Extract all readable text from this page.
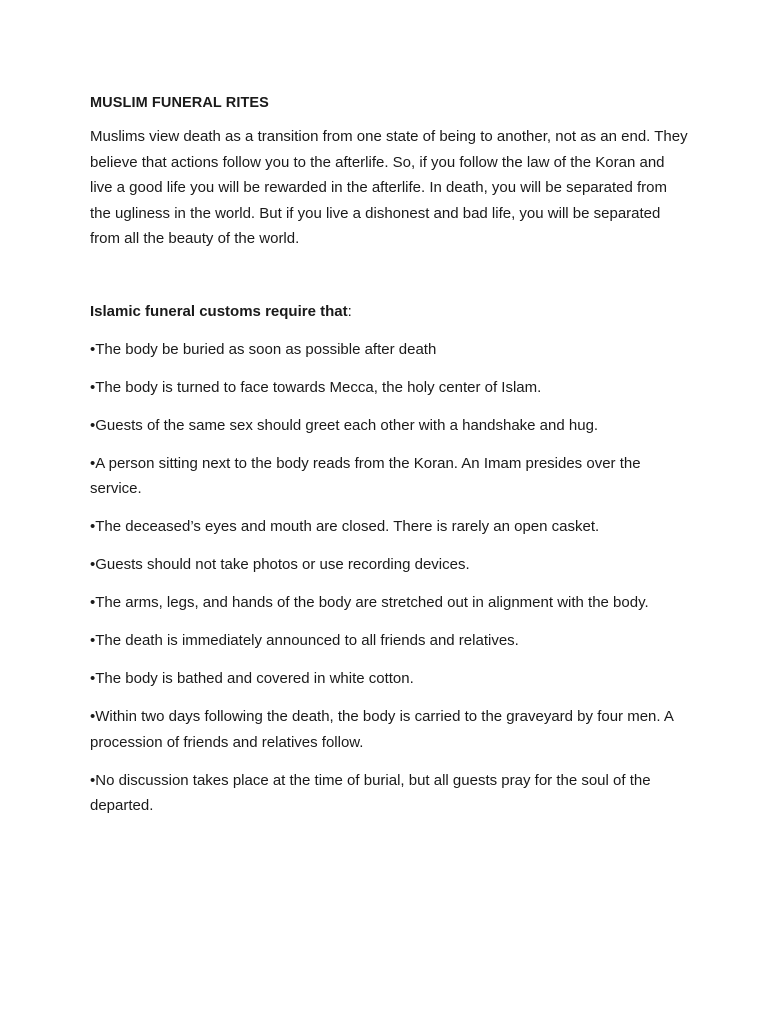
MUSLIM FUNERAL RITES

Muslims view death as a transition from one state of being to another, not as an end. They believe that actions follow you to the afterlife. So, if you follow the law of the Koran and live a good life you will be rewarded in the afterlife. In death, you will be separated from the ugliness in the world. But if you live a dishonest and bad life, you will be separated from all the beauty of the world.

Islamic funeral customs require that:

•The body be buried as soon as possible after death
•The body is turned to face towards Mecca, the holy center of Islam.
•Guests of the same sex should greet each other with a handshake and hug.
•A person sitting next to the body reads from the Koran. An Imam presides over the service.
•The deceased’s eyes and mouth are closed. There is rarely an open casket.
•Guests should not take photos or use recording devices.
•The arms, legs, and hands of the body are stretched out in alignment with the body.
•The death is immediately announced to all friends and relatives.
•The body is bathed and covered in white cotton.
•Within two days following the death, the body is carried to the graveyard by four men. A procession of friends and relatives follow.
•No discussion takes place at the time of burial, but all guests pray for the soul of the departed.
